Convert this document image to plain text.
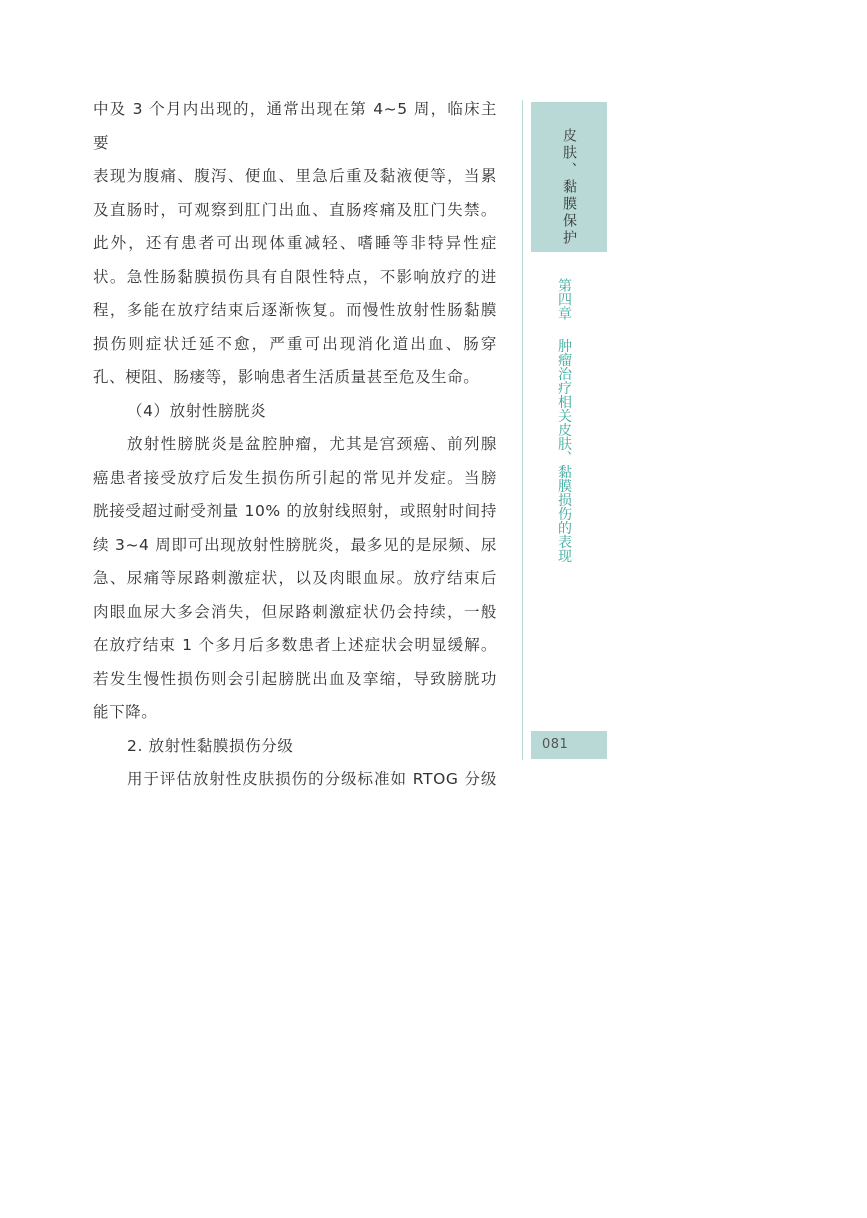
中及 3 个月内出现的，通常出现在第 4~5 周，临床主要

表现为腹痛、腹泻、便血、里急后重及黏液便等，当累

及直肠时，可观察到肛门出血、直肠疼痛及肛门失禁。

此外，还有患者可出现体重减轻、嗜睡等非特异性症

状。急性肠黏膜损伤具有自限性特点，不影响放疗的进

程，多能在放疗结束后逐渐恢复。而慢性放射性肠黏膜

损伤则症状迁延不愈，严重可出现消化道出血、肠穿

孔、梗阻、肠瘘等，影响患者生活质量甚至危及生命。

（4）放射性膀胱炎

放射性膀胱炎是盆腔肿瘤，尤其是宫颈癌、前列腺

癌患者接受放疗后发生损伤所引起的常见并发症。当膀

胱接受超过耐受剂量 10% 的放射线照射，或照射时间持

续 3~4 周即可出现放射性膀胱炎，最多见的是尿频、尿

急、尿痛等尿路刺激症状，以及肉眼血尿。放疗结束后

肉眼血尿大多会消失，但尿路刺激症状仍会持续，一般

在放疗结束 1 个多月后多数患者上述症状会明显缓解。

若发生慢性损伤则会引起膀胱出血及挛缩，导致膀胱功

能下降。

2. 放射性黏膜损伤分级

用于评估放射性皮肤损伤的分级标准如 RTOG 分级

皮肤、黏膜保护
第四章  肿瘤治疗相关皮肤、黏膜损伤的表现
081
